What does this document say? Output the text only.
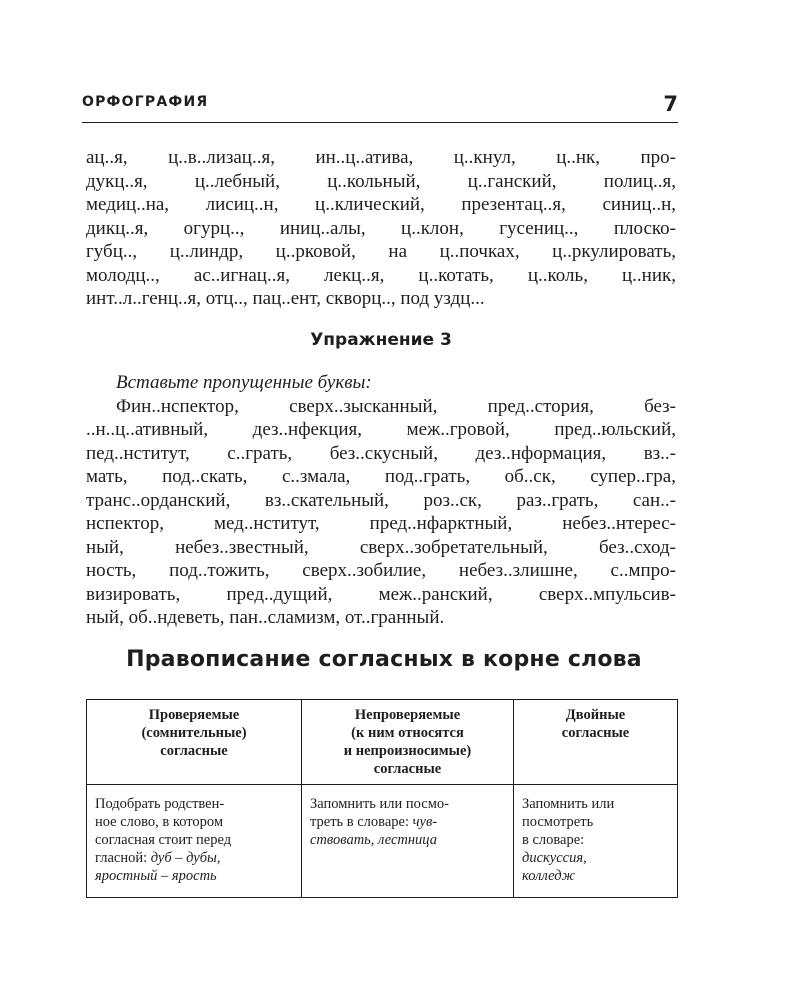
ОРФОГРАФИЯ	7
ац..я, ц..в..лизац..я, ин..ц..атива, ц..кнул, ц..нк, про-
дукц..я, ц..лебный, ц..кольный, ц..ганский, полиц..я,
медиц..на, лисиц..н, ц..клический, презентац..я, синиц..н,
дикц..я, огурц.., иниц..алы, ц..клон, гусениц.., плоско-
губц.., ц..линдр, ц..рковой, на ц..почках, ц..ркулировать,
молодц.., ас..игнац..я, лекц..я, ц..котать, ц..коль, ц..ник,
инт..л..генц..я, отц.., пац..ент, скворц.., под уздц...
Упражнение 3
Вставьте пропущенные буквы:
Фин..нспектор, сверх..зысканный, пред..стория, без-
..н..ц..ативный, дез..нфекция, меж..гровой, пред..юльский,
пед..нститут, с..грать, без..скусный, дез..нформация, вз..-
мать, под..скать, с..змала, под..грать, об..ск, супер..гра,
транс..орданский, вз..скательный, роз..ск, раз..грать, сан..-
нспектор, мед..нститут, пред..нфарктный, небез..нтерес-
ный, небез..звестный, сверх..зобретательный, без..сход-
ность, под..тожить, сверх..зобилие, небез..злишне, с..мпро-
визировать, пред..дущий, меж..ранский, сверх..мпульсив-
ный, об..ндеветь, пан..сламизм, от..гранный.
Правописание согласных в корне слова
Проверяемые
(сомнительные)
согласные	Непроверяемые
(к ним относятся
и непроизносимые)
согласные	Двойные
согласные

Подобрать родствен-
ное слово, в котором
согласная стоит перед
гласной: дуб – дубы,
яростный – ярость	Запомнить или посмо-
треть в словаре: чув-
ствовать, лестница	Запомнить или
посмотреть
в словаре:
дискуссия,
колледж
